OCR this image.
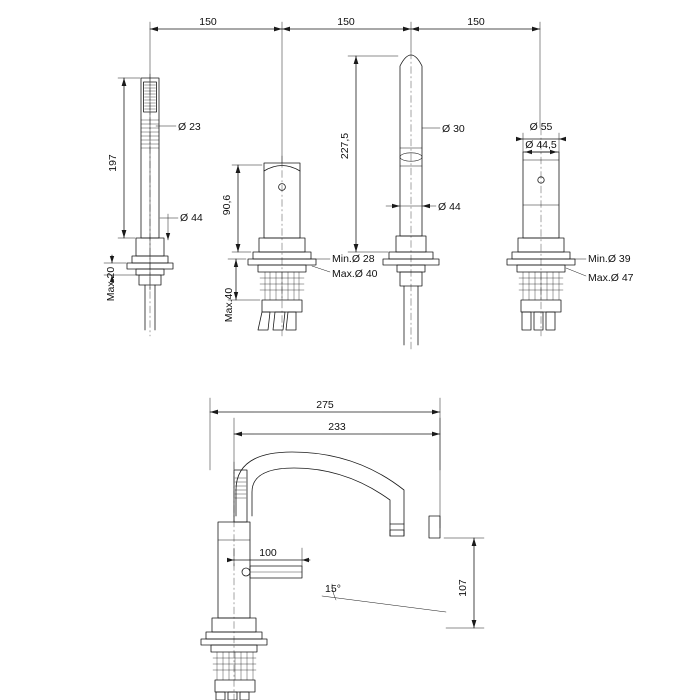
150	150	150
197
Ø 23
Ø 44
Max.20
90,6
Max.40
Min.Ø 28
Max.Ø 40
227,5
Ø 30
Ø 44
Ø 55
Ø 44,5
Min.Ø 39
Max.Ø 47
275
233
100
15°	107
